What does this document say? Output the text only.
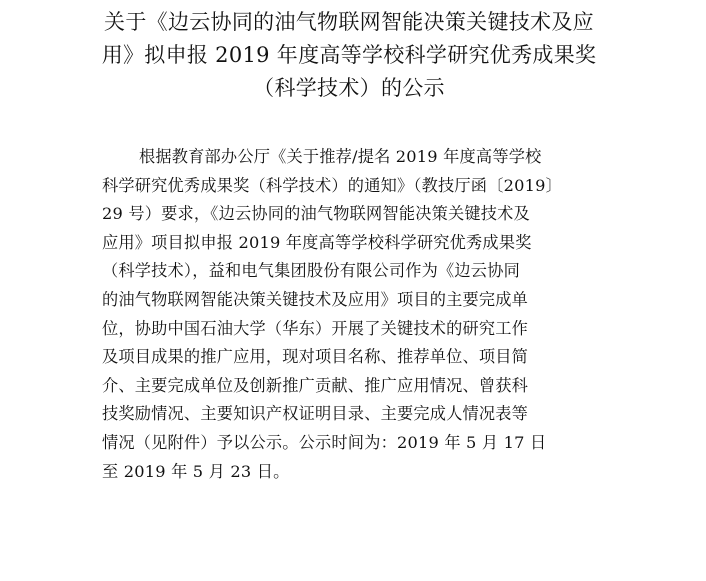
关于《边云协同的油气物联网智能决策关键技术及应
用》拟申报 2019 年度高等学校科学研究优秀成果奖
（科学技术）的公示
根据教育部办公厅《关于推荐/提名 2019 年度高等学校
科学研究优秀成果奖（科学技术）的通知》（教技厅函〔2019〕
29 号）要求，《边云协同的油气物联网智能决策关键技术及
应用》项目拟申报 2019 年度高等学校科学研究优秀成果奖
（科学技术），益和电气集团股份有限公司作为《边云协同
的油气物联网智能决策关键技术及应用》项目的主要完成单
位，协助中国石油大学（华东）开展了关键技术的研究工作
及项目成果的推广应用，现对项目名称、推荐单位、项目简
介、主要完成单位及创新推广贡献、推广应用情况、曾获科
技奖励情况、主要知识产权证明目录、主要完成人情况表等
情况（见附件）予以公示。公示时间为：2019 年 5 月 17 日
至 2019 年 5 月 23 日。
